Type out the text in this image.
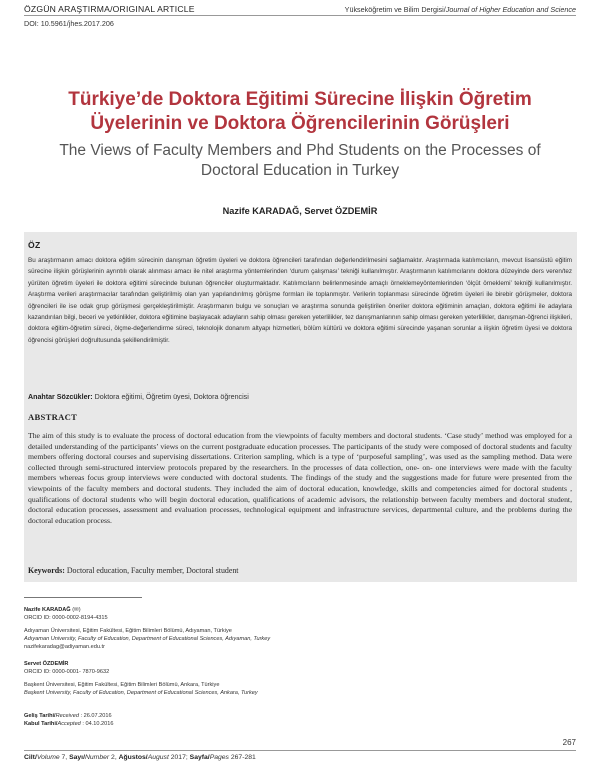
ÖZGÜN ARAŞTIRMA/ORIGINAL ARTICLE	Yükseköğretim ve Bilim Dergisi/Journal of Higher Education and Science
DOI: 10.5961/jhes.2017.206
Türkiye’de Doktora Eğitimi Sürecine İlişkin Öğretim Üyelerinin ve Doktora Öğrencilerinin Görüşleri
The Views of Faculty Members and Phd Students on the Processes of Doctoral Education in Turkey
Nazife KARADAĞ, Servet ÖZDEMİR
ÖZ
Bu araştırmanın amacı doktora eğitim sürecinin danışman öğretim üyeleri ve doktora öğrencileri tarafından değerlendirilmesini sağlamaktır. Araştırmada katılımcıların, mevcut lisansüstü eğitim sürecine ilişkin görüşlerinin ayrıntılı olarak alınması amacı ile nitel araştırma yöntemlerinden ‘durum çalışması’ tekniği kullanılmıştır. Araştırmanın katılımcılarını doktora düzeyinde ders veren/tez yürüten öğretim üyeleri ile doktora eğitimi sürecinde bulunan öğrenciler oluşturmaktadır. Katılımcıların belirlenmesinde amaçlı örneklemeyöntemlerinden ‘ölçüt örneklemi’ tekniği kullanılmıştır. Araştırma verileri araştırmacılar tarafından geliştirilmiş olan yarı yapılandırılmış görüşme formları ile toplanmıştır. Verilerin toplanması sürecinde öğretim üyeleri ile birebir görüşmeler, doktora öğrencileri ile ise odak grup görüşmesi gerçekleştirilmiştir. Araştırmanın bulgu ve sonuçları ve araştırma sonunda geliştirilen öneriler doktora eğitiminin amaçları, doktora eğitimi ile adaylara kazandırılan bilgi, beceri ve yetkinlikler, doktora eğitimine başlayacak adayların sahip olması gereken yeterlilikler, tez danışmanlarının sahip olması gereken yeterlilikler, danışman-öğrenci ilişkileri, doktora eğitim-öğretim süreci, ölçme-değerlendirme süreci, teknolojik donanım altyapı hizmetleri, bölüm kültürü ve doktora eğitimi sürecinde yaşanan sorunlar a ilişkin öğretim üyesi ve doktora öğrencisi görüşleri doğrultusunda şekillendirilmiştir.
Anahtar Sözcükler: Doktora eğitimi, Öğretim üyesi, Doktora öğrencisi
ABSTRACT
The aim of this study is to evaluate the process of doctoral education from the viewpoints of faculty members and doctoral students. ‘Case study’ method was employed for a detailed understanding of the participants’ views on the current postgraduate education processes. The participants of the study were composed of doctoral students and faculty members offering doctoral courses and supervising dissertations. Criterion sampling, which is a type of ‘purposeful sampling’, was used as the sampling method. Data were collected through semi-structured interview protocols prepared by the researchers. In the processes of data collection, one- on- one interviews were made with the faculty members whereas focus group interviews were conducted with doctoral students. The findings of the study and the suggestions made for future were presented from the viewpoints of the faculty members and doctoral students. They included the aim of doctoral education, knowledge, skills and competencies aimed for doctoral students , qualifications of doctoral students who will begin doctoral education, qualifications of academic advisors, the relationship between faculty members and doctoral student, doctoral education processes, assessment and evaluation processes, technological equipment and infrastructure services, departmental culture, and the problems during the doctoral education process.
Keywords: Doctoral education, Faculty member, Doctoral student
Nazife KARADAĞ (✉)
ORCID ID: 0000-0002-8194-4315
Adıyaman Üniversitesi, Eğitim Fakültesi, Eğitim Bilimleri Bölümü, Adıyaman, Türkiye
Adıyaman University, Faculty of Education, Department of Educational Sciences, Adıyaman, Turkey
nazifekaradag@adiyaman.edu.tr
Servet ÖZDEMİR
ORCID ID: 0000-0001- 7870-9632
Başkent Üniversitesi, Eğitim Fakültesi, Eğitim Bilimleri Bölümü, Ankara, Türkiye
Başkent University, Faculty of Education, Department of Educational Sciences, Ankara, Turkey
Geliş Tarihi/Received : 26.07.2016
Kabul Tarihi/Accepted : 04.10.2016
267
Cilt/Volume 7, Sayı/Number 2, Ağustos/August 2017; Sayfa/Pages 267-281
